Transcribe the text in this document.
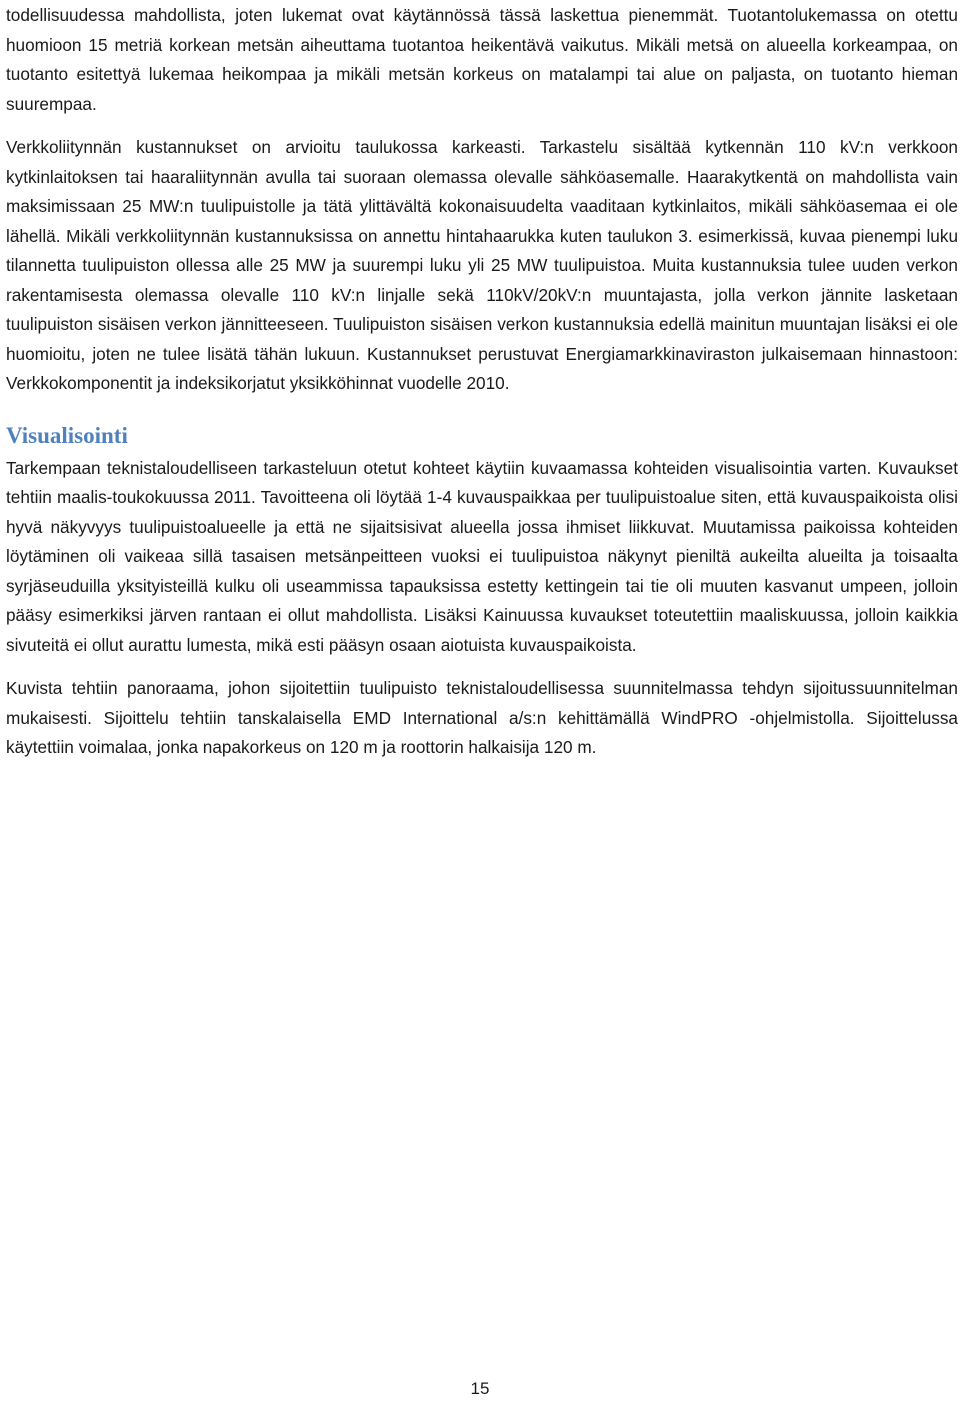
todellisuudessa mahdollista, joten lukemat ovat käytännössä tässä laskettua pienemmät. Tuotantolukemassa on otettu huomioon 15 metriä korkean metsän aiheuttama tuotantoa heikentävä vaikutus. Mikäli metsä on alueella korkeampaa, on tuotanto esitettyä lukemaa heikompaa ja mikäli metsän korkeus on matalampi tai alue on paljasta, on tuotanto hieman suurempaa.

Verkkoliitynnän kustannukset on arvioitu taulukossa karkeasti. Tarkastelu sisältää kytkennän 110 kV:n verkkoon kytkinlaitoksen tai haaraliitynnän avulla tai suoraan olemassa olevalle sähköasemalle. Haarakytkentä on mahdollista vain maksimissaan 25 MW:n tuulipuistolle ja tätä ylittävältä kokonaisuudelta vaaditaan kytkinlaitos, mikäli sähköasemaa ei ole lähellä. Mikäli verkkoliitynnän kustannuksissa on annettu hintahaarukka kuten taulukon 3. esimerkissä, kuvaa pienempi luku tilannetta tuulipuiston ollessa alle 25 MW ja suurempi luku yli 25 MW tuulipuistoa. Muita kustannuksia tulee uuden verkon rakentamisesta olemassa olevalle 110 kV:n linjalle sekä 110kV/20kV:n muuntajasta, jolla verkon jännite lasketaan tuulipuiston sisäisen verkon jännitteeseen. Tuulipuiston sisäisen verkon kustannuksia edellä mainitun muuntajan lisäksi ei ole huomioitu, joten ne tulee lisätä tähän lukuun. Kustannukset perustuvat Energiamarkkinaviraston julkaisemaan hinnastoon: Verkkokomponentit ja indeksikorjatut yksikköhinnat vuodelle 2010.

Visualisointi

Tarkempaan teknistaloudelliseen tarkasteluun otetut kohteet käytiin kuvaamassa kohteiden visualisointia varten. Kuvaukset tehtiin maalis-toukokuussa 2011. Tavoitteena oli löytää 1-4 kuvauspaikkaa per tuulipuistoalue siten, että kuvauspaikoista olisi hyvä näkyvyys tuulipuistoalueelle ja että ne sijaitsisivat alueella jossa ihmiset liikkuvat. Muutamissa paikoissa kohteiden löytäminen oli vaikeaa sillä tasaisen metsänpeitteen vuoksi ei tuulipuistoa näkynyt pieniltä aukeilta alueilta ja toisaalta syrjäseuduilla yksityisteillä kulku oli useammissa tapauksissa estetty kettingein tai tie oli muuten kasvanut umpeen, jolloin pääsy esimerkiksi järven rantaan ei ollut mahdollista. Lisäksi Kainuussa kuvaukset toteutettiin maaliskuussa, jolloin kaikkia sivuteitä ei ollut aurattu lumesta, mikä esti pääsyn osaan aiotuista kuvauspaikoista.

Kuvista tehtiin panoraama, johon sijoitettiin tuulipuisto teknistaloudellisessa suunnitelmassa tehdyn sijoitussuunnitelman mukaisesti. Sijoittelu tehtiin tanskalaisella EMD International a/s:n kehittämällä WindPRO -ohjelmistolla. Sijoittelussa käytettiin voimalaa, jonka napakorkeus on 120 m ja roottorin halkaisija 120 m.

15
